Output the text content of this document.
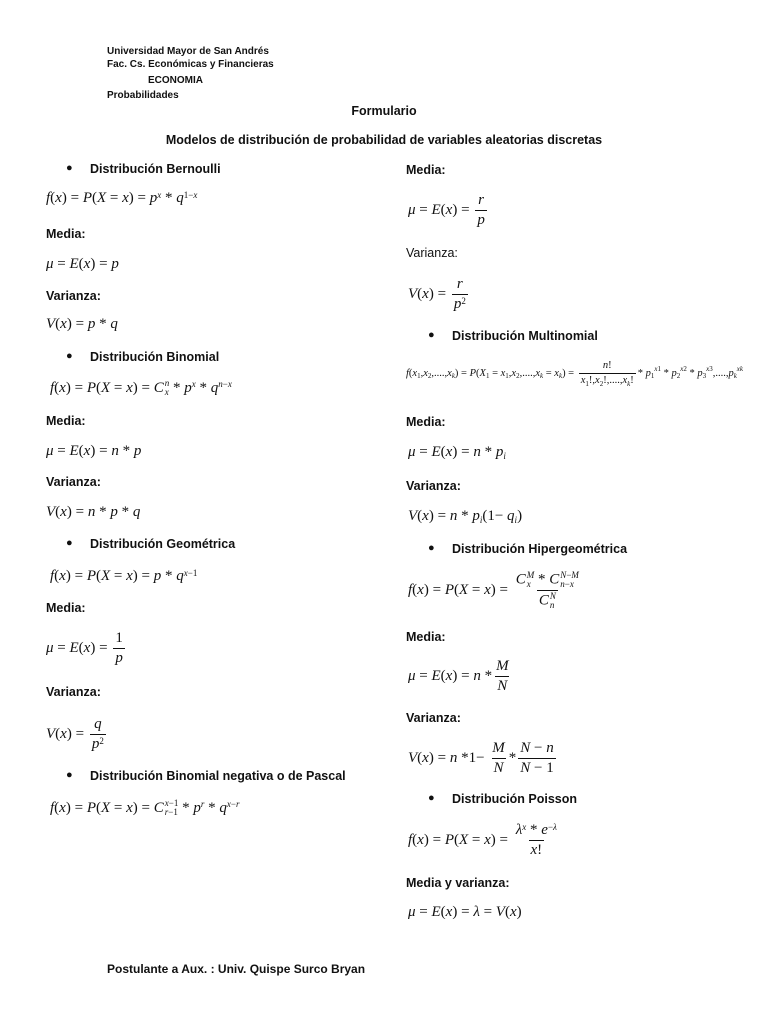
Universidad Mayor de San Andrés
Fac. Cs. Económicas y Financieras
ECONOMIA
Probabilidades
Formulario
Modelos de distribución de probabilidad de variables aleatorias discretas
● Distribución Bernoulli
f ( x ) = P ( X = x ) = p $^x * q^{1-x}$
Media:
μ = E ( x ) = p
Varianza:
V ( x ) = p * q
● Distribución Binomial
f ( x ) = P ( X = x ) = C n
x * p $^x$ * q $^{n-x}$
Media:
μ = E ( x ) = n * p
Varianza:
V ( x ) = n * p * q
● Distribución Geométrica
f ( x ) = P ( X = x ) = p * q $^{x-1}$
Media:
μ = E ( x ) = $\frac{1}{p}$
Varianza:
V ( x ) = $\frac{q}{p^2}$
● Distribución Binomial negativa o de Pascal
f ( x ) = P ( X = x ) = C x−1
r−1 * p $^r$ * q $^{x-r}$
Media:
μ = E ( x ) = $\frac{r}{p}$
Varianza:
V ( x ) = $\frac{r}{p^2}$
● Distribución Multinomial
f ( $x_1$ , $x_2$ ,...., x $_k$ ) = P ( $X_1 = x_1$ , $x_2$ ,...., x $_k$ = x $_k$ ) = $\frac{n!}{x_1!,x_2!,....,x_k!} * p_1$
$^{x1} * p_2$
$^{x2} * p_3$
$^{x3}$ ,...., p $_k$
$^{xk}$
Media:
μ = E ( x ) = n * p $_i$
Varianza:
V ( x ) = n * p $_i$ (1− q $_i$ )
● Distribución Hipergeométrica
f ( x ) = P ( X = x ) = C M
x * C N−M
n−x
C N
n
Media:
μ = E ( x ) = n * $\frac{M}{N}$
Varianza:
V ( x ) = n $*1- \frac{M}{N} * \frac{N - n}{N - 1}$
● Distribución Poisson
f ( x ) = P ( X = x ) = $\frac{\lambda^x * e^{-\lambda}}{x!}$
Media y varianza:
μ = E ( x ) = λ = V ( x )
Postulante a Aux. : Univ. Quispe Surco Bryan
